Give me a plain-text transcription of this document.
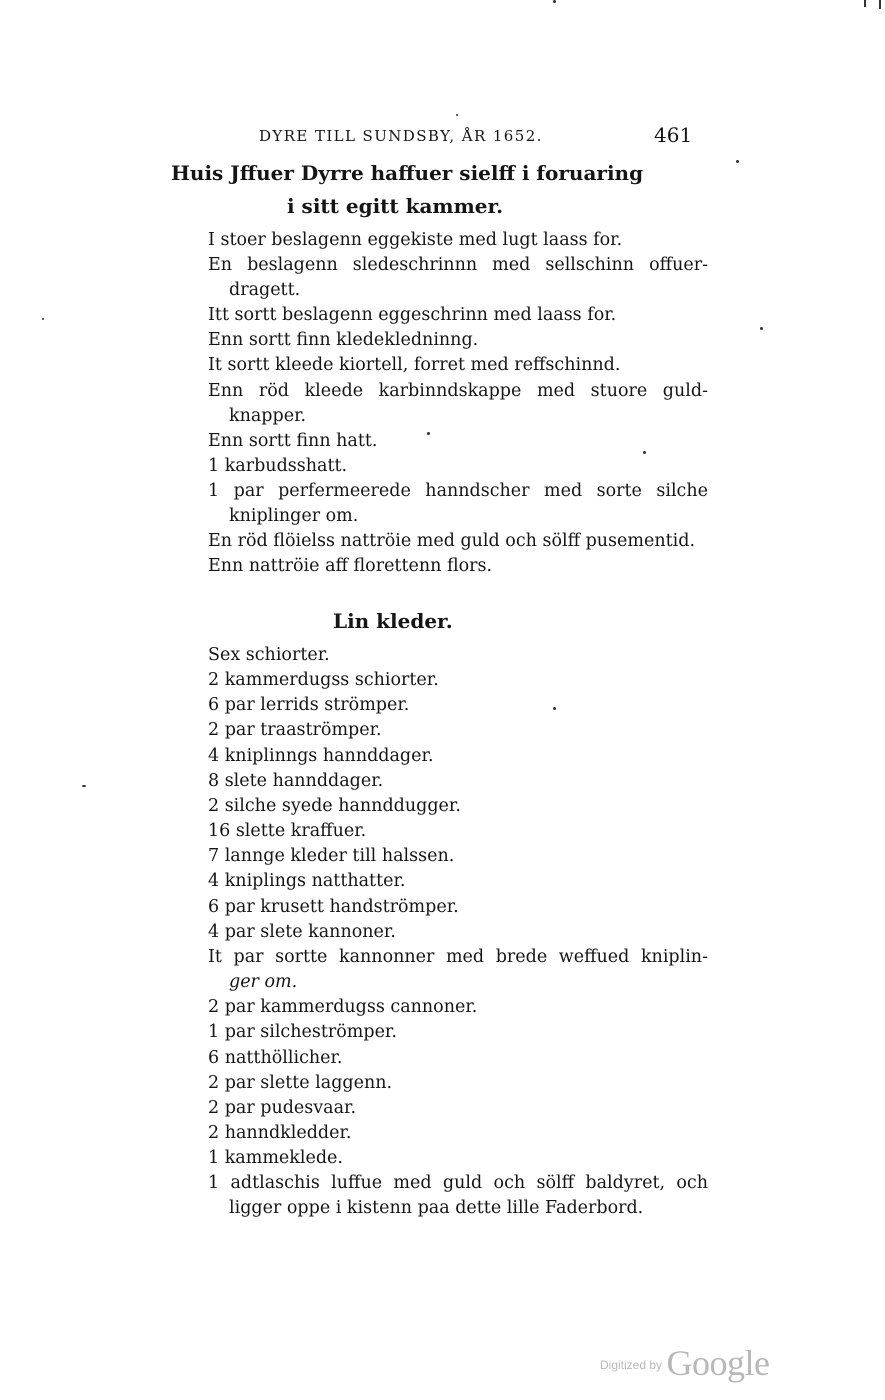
DYRE TILL SUNDSBY, ÅR 1652.	461
Huis Jffuer Dyrre haffuer sielff i foruaring
i sitt egitt kammer.
I stoer beslagenn eggekiste med lugt laass for.
En beslagenn sledeschrinnn med sellschinn offuer-
dragett.
Itt sortt beslagenn eggeschrinn med laass for.
Enn sortt finn kledekledninng.
It sortt kleede kiortell, forret med reffschinnd.
Enn röd kleede karbinndskappe med stuore guld-
knapper.
Enn sortt finn hatt.
1 karbudsshatt.
1 par perfermeerede hanndscher med sorte silche
kniplinger om.
En röd flöielss nattröie med guld och sölff pusementid.
Enn nattröie aff florettenn flors.
Lin kleder.
Sex schiorter.
2 kammerdugss schiorter.
6 par lerrids strömper.
2 par traaströmper.
4 kniplinngs hannddager.
8 slete hannddager.
2 silche syede hannddugger.
16 slette kraffuer.
7 lannge kleder till halssen.
4 kniplings natthatter.
6 par krusett handströmper.
4 par slete kannoner.
It par sortte kannonner med brede weffued kniplin-
ger om.
2 par kammerdugss cannoner.
1 par silcheströmper.
6 natthöllicher.
2 par slette laggenn.
2 par pudesvaar.
2 hanndkledder.
1 kammeklede.
1 adtlaschis luffue med guld och sölff baldyret, och
ligger oppe i kistenn paa dette lille Faderbord.
$^{Digitized by}$ Google
